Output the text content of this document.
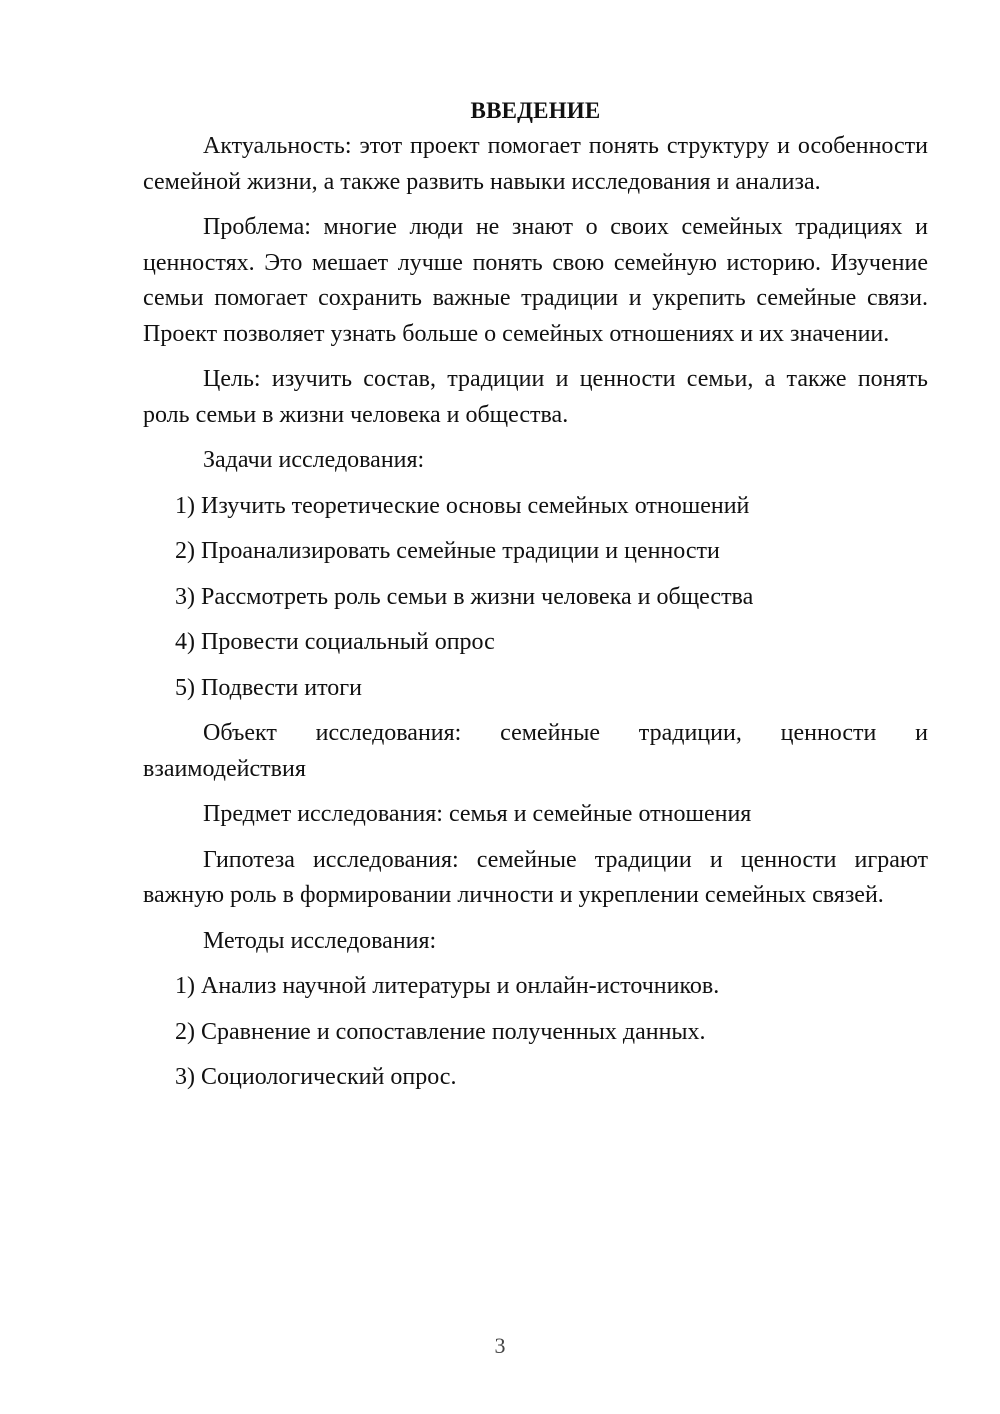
ВВЕДЕНИЕ

Актуальность: этот проект помогает понять структуру и особенности семейной жизни, а также развить навыки исследования и анализа.

Проблема: многие люди не знают о своих семейных традициях и ценностях. Это мешает лучше понять свою семейную историю. Изучение семьи помогает сохранить важные традиции и укрепить семейные связи. Проект позволяет узнать больше о семейных отношениях и их значении.

Цель: изучить состав, традиции и ценности семьи, а также понять роль семьи в жизни человека и общества.

Задачи исследования:

1) Изучить теоретические основы семейных отношений
2) Проанализировать семейные традиции и ценности
3) Рассмотреть роль семьи в жизни человека и общества
4) Провести социальный опрос
5) Подвести итоги

Объект исследования: семейные традиции, ценности и взаимодействия

Предмет исследования: семья и семейные отношения

Гипотеза исследования: семейные традиции и ценности играют важную роль в формировании личности и укреплении семейных связей.

Методы исследования:

1) Анализ научной литературы и онлайн-источников.
2) Сравнение и сопоставление полученных данных.
3) Социологический опрос.
3
